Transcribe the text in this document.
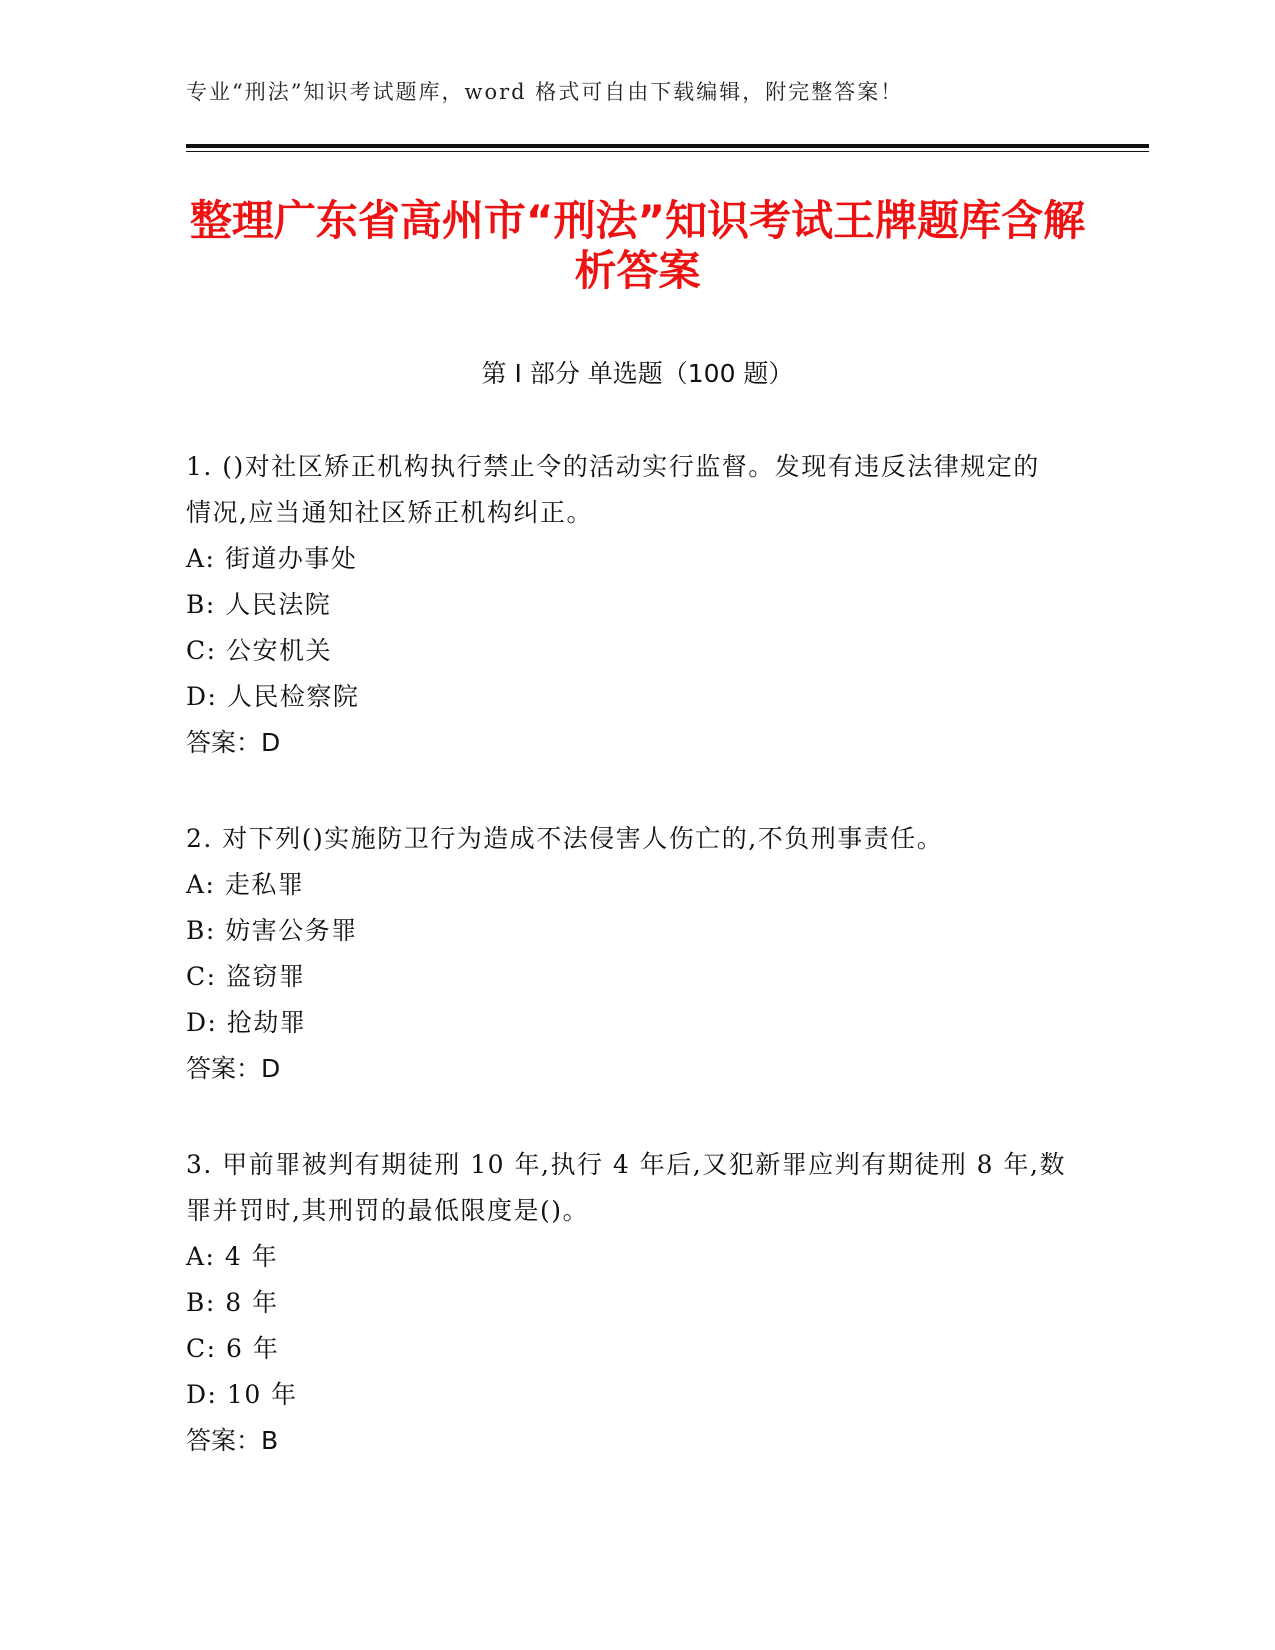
专业“刑法”知识考试题库，word 格式可自由下载编辑，附完整答案！
整理广东省高州市“刑法”知识考试王牌题库含解析答案
第 I 部分 单选题（100 题）
1. ()对社区矫正机构执行禁止令的活动实行监督。发现有违反法律规定的情况,应当通知社区矫正机构纠正。
A: 街道办事处
B: 人民法院
C: 公安机关
D: 人民检察院
答案：D
2. 对下列()实施防卫行为造成不法侵害人伤亡的,不负刑事责任。
A: 走私罪
B: 妨害公务罪
C: 盗窃罪
D: 抢劫罪
答案：D
3. 甲前罪被判有期徒刑 10 年,执行 4 年后,又犯新罪应判有期徒刑 8 年,数罪并罚时,其刑罚的最低限度是()。
A: 4 年
B: 8 年
C: 6 年
D: 10 年
答案：B
